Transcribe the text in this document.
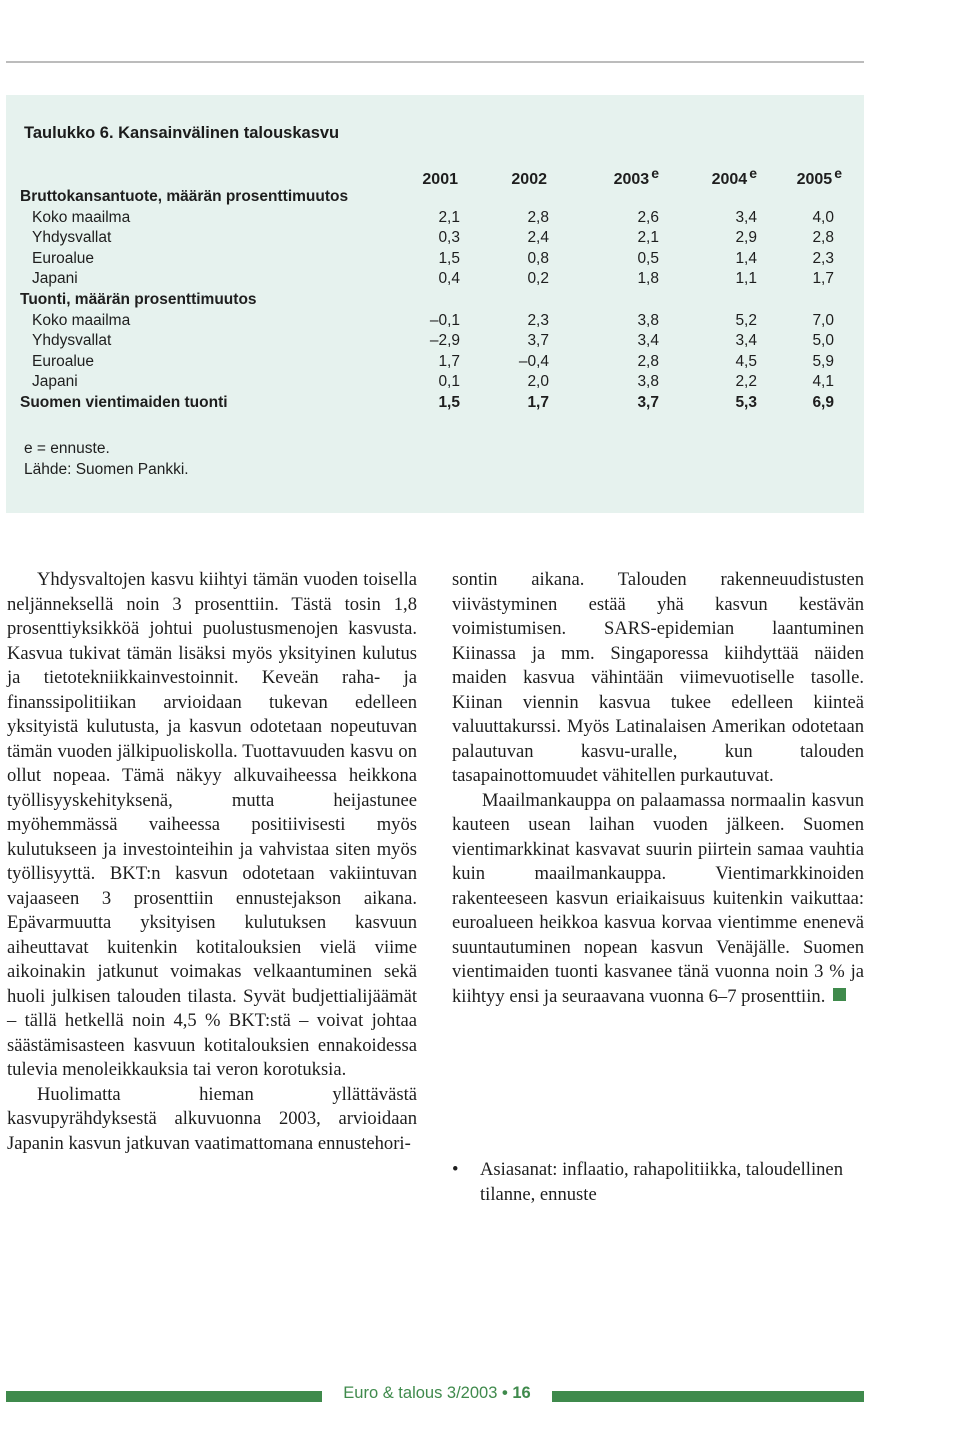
Taulukko 6. Kansainvälinen talouskasvu
2001	2002	2003 $^e$	2004 $^e$	2005 $^e$
Bruttokansantuote, määrän prosenttimuutos
Koko maailma	2,1	2,8	2,6	3,4	4,0
Yhdysvallat	0,3	2,4	2,1	2,9	2,8
Euroalue	1,5	0,8	0,5	1,4	2,3
Japani	0,4	0,2	1,8	1,1	1,7
Tuonti, määrän prosenttimuutos
Koko maailma	–0,1	2,3	3,8	5,2	7,0
Yhdysvallat	–2,9	3,7	3,4	3,4	5,0
Euroalue	1,7	–0,4	2,8	4,5	5,9
Japani	0,1	2,0	3,8	2,2	4,1
Suomen vientimaiden tuonti	1,5	1,7	3,7	5,3	6,9
e = ennuste.
Lähde: Suomen Pankki.

Yhdysvaltojen kasvu kiihtyi tämän vuoden toisella neljänneksellä noin 3 prosenttiin. Tästä tosin 1,8 prosenttiyksikköä johtui puolustusmenojen kasvusta. Kasvua tukivat tämän lisäksi myös yksityinen kulutus ja tietotekniikkainvestoinnit. Keveän raha- ja finanssipolitiikan arvioidaan tukevan edelleen yksityistä kulutusta, ja kasvun odotetaan nopeutuvan tämän vuoden jälkipuoliskolla. Tuottavuuden kasvu on ollut nopeaa. Tämä näkyy alkuvaiheessa heikkona työllisyyskehityksenä, mutta heijastunee myöhemmässä vaiheessa positiivisesti myös kulutukseen ja investointeihin ja vahvistaa siten myös työllisyyttä. BKT:n kasvun odotetaan vakiintuvan vajaaseen 3 prosenttiin ennustejakson aikana. Epävarmuutta yksityisen kulutuksen kasvuun aiheuttavat kuitenkin kotitalouksien vielä viime aikoinakin jatkunut voimakas velkaantuminen sekä huoli julkisen talouden tilasta. Syvät budjettialijäämät – tällä hetkellä noin 4,5 % BKT:stä – voivat johtaa säästämisasteen kasvuun kotitalouksien ennakoidessa tulevia menoleikkauksia tai veron korotuksia.

Huolimatta hieman yllättävästä kasvupyrähdyksestä alkuvuonna 2003, arvioidaan Japanin kasvun jatkuvan vaatimattomana ennustehori-

sontin aikana. Talouden rakenneuudistusten viivästyminen estää yhä kasvun kestävän voimistumisen. SARS-epidemian laantuminen Kiinassa ja mm. Singaporessa kiihdyttää näiden maiden kasvua vähintään viimevuotiselle tasolle. Kiinan viennin kasvua tukee edelleen kiinteä valuuttakurssi. Myös Latinalaisen Amerikan odotetaan palautuvan kasvu-uralle, kun talouden tasapainottomuudet vähitellen purkautuvat.

Maailmankauppa on palaamassa normaalin kasvun kauteen usean laihan vuoden jälkeen. Suomen vientimarkkinat kasvavat suurin piirtein samaa vauhtia kuin maailmankauppa. Vientimarkkinoiden rakenteeseen kasvun eriaikaisuus kuitenkin vaikuttaa: euroalueen heikkoa kasvua korvaa vientimme enenevä suuntautuminen nopean kasvun Venäjälle. Suomen vientimaiden tuonti kasvanee tänä vuonna noin 3 % ja kiihtyy ensi ja seuraavana vuonna 6–7 prosenttiin.

• Asiasanat: inflaatio, rahapolitiikka, taloudellinen tilanne, ennuste
Euro & talous 3/2003 • 16
